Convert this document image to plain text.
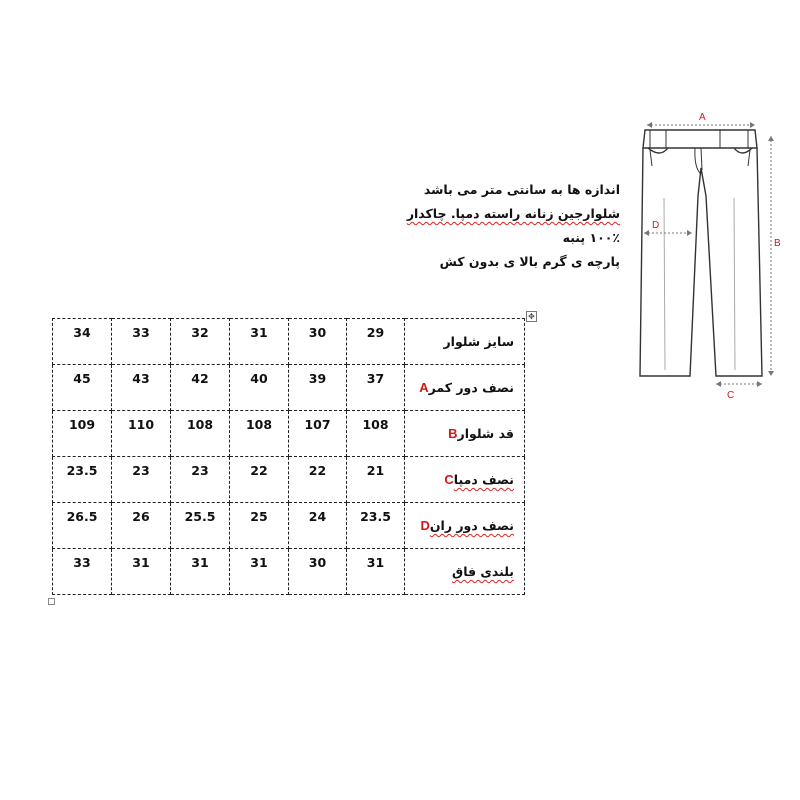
اندازه ها به سانتی متر می باشد
شلوارجین زنانه راسته دمپا. چاکدار
۱۰۰٪ پنبه
پارچه ی گرم بالا ی بدون کش
A
B
C
D
✥
34	33	32	31	30	29	سایز شلوار
45	43	42	40	39	37	نصف دور کمرA
109	110	108	108	107	108	قد شلوارB
23.5	23	23	22	22	21	نصف دمپاC
26.5	26	25.5	25	24	23.5	نصف دور رانD
33	31	31	31	30	31	بلندی فاق
